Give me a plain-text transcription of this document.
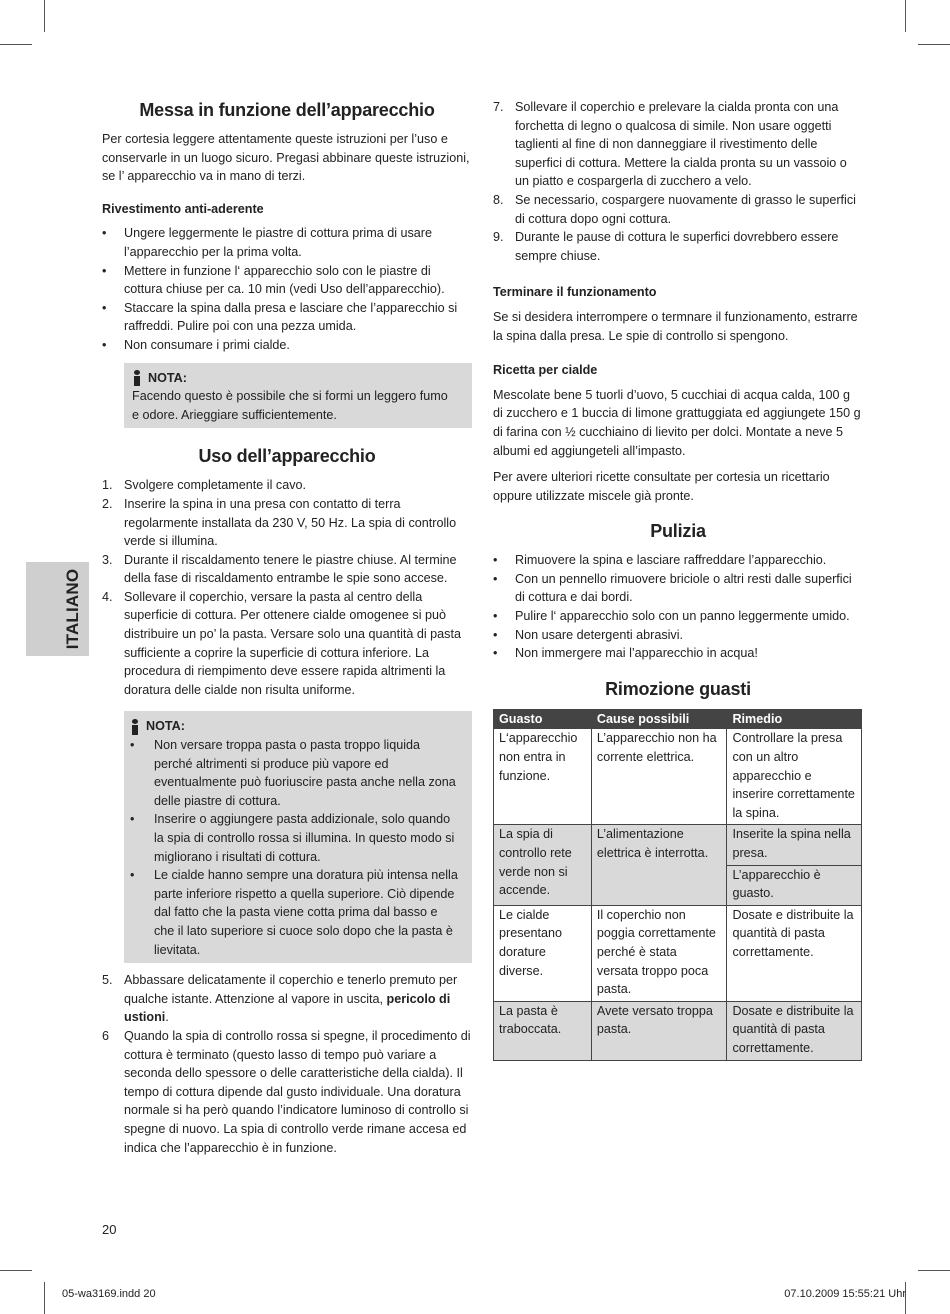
ITALIANO
Messa in funzione dell’apparecchio

Per cortesia leggere attentamente queste istruzioni per l’uso e conservarle in un luogo sicuro. Pregasi abbinare queste istruzioni, se l’ apparecchio va in mano di terzi.

Rivestimento anti-aderente
• Ungere leggermente le piastre di cottura prima di usare l’apparecchio per la prima volta.
• Mettere in funzione l‘ apparecchio solo con le piastre di cottura chiuse per ca. 10 min (vedi Uso dell’apparecchio).
• Staccare la spina dalla presa e lasciare che l’apparecchio si raffreddi. Pulire poi con una pezza umida.
• Non consumare i primi cialde.
NOTA:
Facendo questo è possibile che si formi un leggero fumo e odore. Arieggiare sufficientemente.
Uso dell’apparecchio
1. Svolgere completamente il cavo.
2. Inserire la spina in una presa con contatto di terra regolarmente installata da 230 V, 50 Hz. La spia di controllo verde si illumina.
3. Durante il riscaldamento tenere le piastre chiuse. Al termine della fase di riscaldamento entrambe le spie sono accese.
4. Sollevare il coperchio, versare la pasta al centro della superficie di cottura. Per ottenere cialde omogenee si può distribuire un po’ la pasta. Versare solo una quantità di pasta sufficiente a coprire la superficie di cottura inferiore. La procedura di riempimento deve essere rapida altrimenti la doratura delle cialde non risulta uniforme.
NOTA:
• Non versare troppa pasta o pasta troppo liquida perché altrimenti si produce più vapore ed eventualmente può fuoriuscire pasta anche nella zona delle piastre di cottura.
• Inserire o aggiungere pasta addizionale, solo quando la spia di controllo rossa si illumina. In questo modo si migliorano i risultati di cottura.
• Le cialde hanno sempre una doratura più intensa nella parte inferiore rispetto a quella superiore. Ciò dipende dal fatto che la pasta viene cotta prima dal basso e che il lato superiore si cuoce solo dopo che la pasta è lievitata.
5. Abbassare delicatamente il coperchio e tenerlo premuto per qualche istante. Attenzione al vapore in uscita, pericolo di ustioni.
6 Quando la spia di controllo rossa si spegne, il procedimento di cottura è terminato (questo lasso di tempo può variare a seconda dello spessore o delle caratteristiche della cialda). Il tempo di cottura dipende dal gusto individuale. Una doratura normale si ha però quando l’indicatore luminoso di controllo si spegne di nuovo. La spia di controllo verde rimane accesa ed indica che l’apparecchio è in funzione.
7. Sollevare il coperchio e prelevare la cialda pronta con una forchetta di legno o qualcosa di simile. Non usare oggetti taglienti al fine di non danneggiare il rivestimento delle superfici di cottura. Mettere la cialda pronta su un vassoio o un piatto e cospargerla di zucchero a velo.
8. Se necessario, cospargere nuovamente di grasso le superfici di cottura dopo ogni cottura.
9. Durante le pause di cottura le superfici dovrebbero essere sempre chiuse.
Terminare il funzionamento

Se si desidera interrompere o termnare il funzionamento, estrarre la spina dalla presa. Le spie di controllo si spengono.

Ricetta per cialde

Mescolate bene 5 tuorli d’uovo, 5 cucchiai di acqua calda, 100 g di zucchero e 1 buccia di limone grattuggiata ed aggiungete 150 g di farina con ½ cucchiaino di lievito per dolci. Montate a neve 5 albumi ed aggiungeteli all’impasto.

Per avere ulteriori ricette consultate per cortesia un ricettario oppure utilizzate miscele già pronte.

Pulizia
• Rimuovere la spina e lasciare raffreddare l’apparecchio.
• Con un pennello rimuovere briciole o altri resti dalle superfici di cottura e dai bordi.
• Pulire l‘ apparecchio solo con un panno leggermente umido.
• Non usare detergenti abrasivi.
• Non immergere mai l’apparecchio in acqua!
Rimozione guasti
Guasto	Cause possibili	Rimedio
L‘apparecchio non entra in funzione.	L’apparecchio non ha corrente elettrica.	Controllare la presa con un altro apparecchio e inserire correttamente la spina.
La spia di controllo rete verde non si accende.	L’alimentazione elettrica è interrotta.	Inserite la spina nella presa.
		L’apparecchio è guasto.
Le cialde presentano dorature diverse.	Il coperchio non poggia correttamente perché è stata versata troppo poca pasta.	Dosate e distribuite la quantità di pasta correttamente.
La pasta è traboccata.	Avete versato troppa pasta.	Dosate e distribuite la quantità di pasta correttamente.
20
05-wa3169.indd 20	07.10.2009 15:55:21 Uhr
